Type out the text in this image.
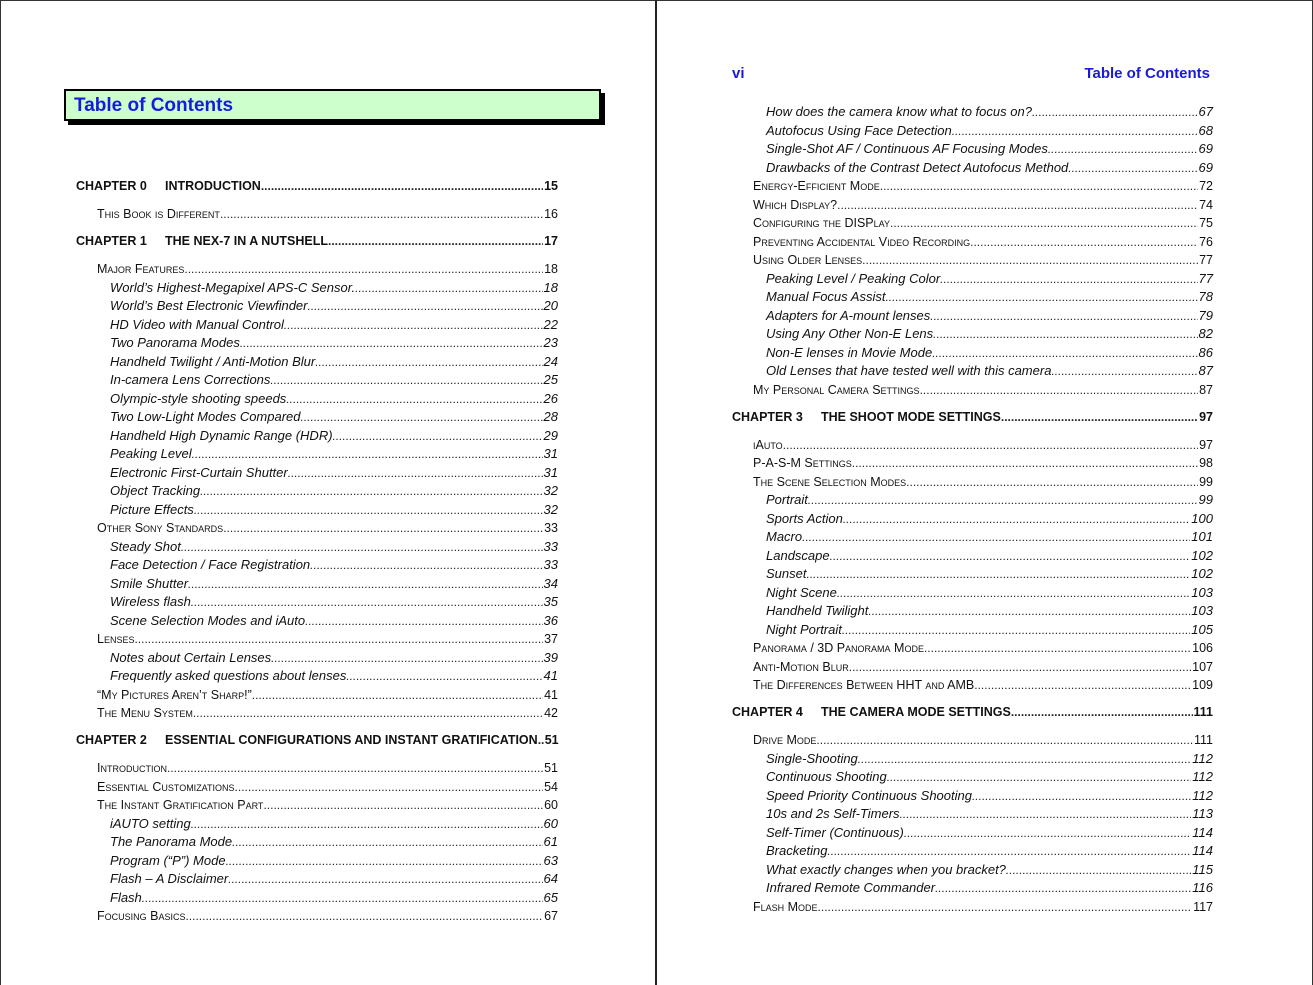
Table of Contents
CHAPTER 0 INTRODUCTION .....	15
This Book is Different .....	16
CHAPTER 1 THE NEX-7 IN A NUTSHELL .....	17
Major Features .....	18
World’s Highest-Megapixel APS-C Sensor. .....	18
World’s Best Electronic Viewfinder .....	20
HD Video with Manual Control .....	22
Two Panorama Modes .....	23
Handheld Twilight / Anti-Motion Blur .....	24
In-camera Lens Corrections .....	25
Olympic-style shooting speeds .....	26
Two Low-Light Modes Compared .....	28
Handheld High Dynamic Range (HDR) .....	29
Peaking Level .....	31
Electronic First-Curtain Shutter .....	31
Object Tracking .....	32
Picture Effects .....	32
Other Sony Standards .....	33
Steady Shot .....	33
Face Detection / Face Registration .....	33
Smile Shutter .....	34
Wireless flash .....	35
Scene Selection Modes and iAuto .....	36
Lenses .....	37
Notes about Certain Lenses .....	39
Frequently asked questions about lenses .....	41
“My Pictures Aren’t Sharp!” .....	41
The Menu System .....	42
CHAPTER 2 ESSENTIAL CONFIGURATIONS AND INSTANT GRATIFICATION ..... 51
Introduction .....	51
Essential Customizations .....	54
The Instant Gratification Part .....	60
iAUTO setting .....	60
The Panorama Mode .....	61
Program (“P”) Mode .....	63
Flash – A Disclaimer .....	64
Flash .....	65
Focusing Basics .....	67
vi	Table of Contents
How does the camera know what to focus on? .....	67
Autofocus Using Face Detection .....	68
Single-Shot AF / Continuous AF Focusing Modes .....	69
Drawbacks of the Contrast Detect Autofocus Method .....	69
Energy-Efficient Mode .....	72
Which Display? .....	74
Configuring the DISPlay .....	75
Preventing Accidental Video Recording .....	76
Using Older Lenses .....	77
Peaking Level / Peaking Color .....	77
Manual Focus Assist .....	78
Adapters for A-mount lenses .....	79
Using Any Other Non-E Lens .....	82
Non-E lenses in Movie Mode .....	86
Old Lenses that have tested well with this camera .....	87
My Personal Camera Settings .....	87
CHAPTER 3 THE SHOOT MODE SETTINGS .....	97
iAuto .....	97
P-A-S-M Settings .....	98
The Scene Selection Modes .....	99
Portrait .....	99
Sports Action .....	100
Macro .....	101
Landscape .....	102
Sunset .....	102
Night Scene .....	103
Handheld Twilight .....	103
Night Portrait .....	105
Panorama / 3D Panorama Mode .....	106
Anti-Motion Blur .....	107
The Differences Between HHT and AMB .....	109
CHAPTER 4 THE CAMERA MODE SETTINGS .....	111
Drive Mode .....	111
Single-Shooting .....	112
Continuous Shooting .....	112
Speed Priority Continuous Shooting .....	112
10s and 2s Self-Timers .....	113
Self-Timer (Continuous) .....	114
Bracketing .....	114
What exactly changes when you bracket? .....	115
Infrared Remote Commander .....	116
Flash Mode .....	117
